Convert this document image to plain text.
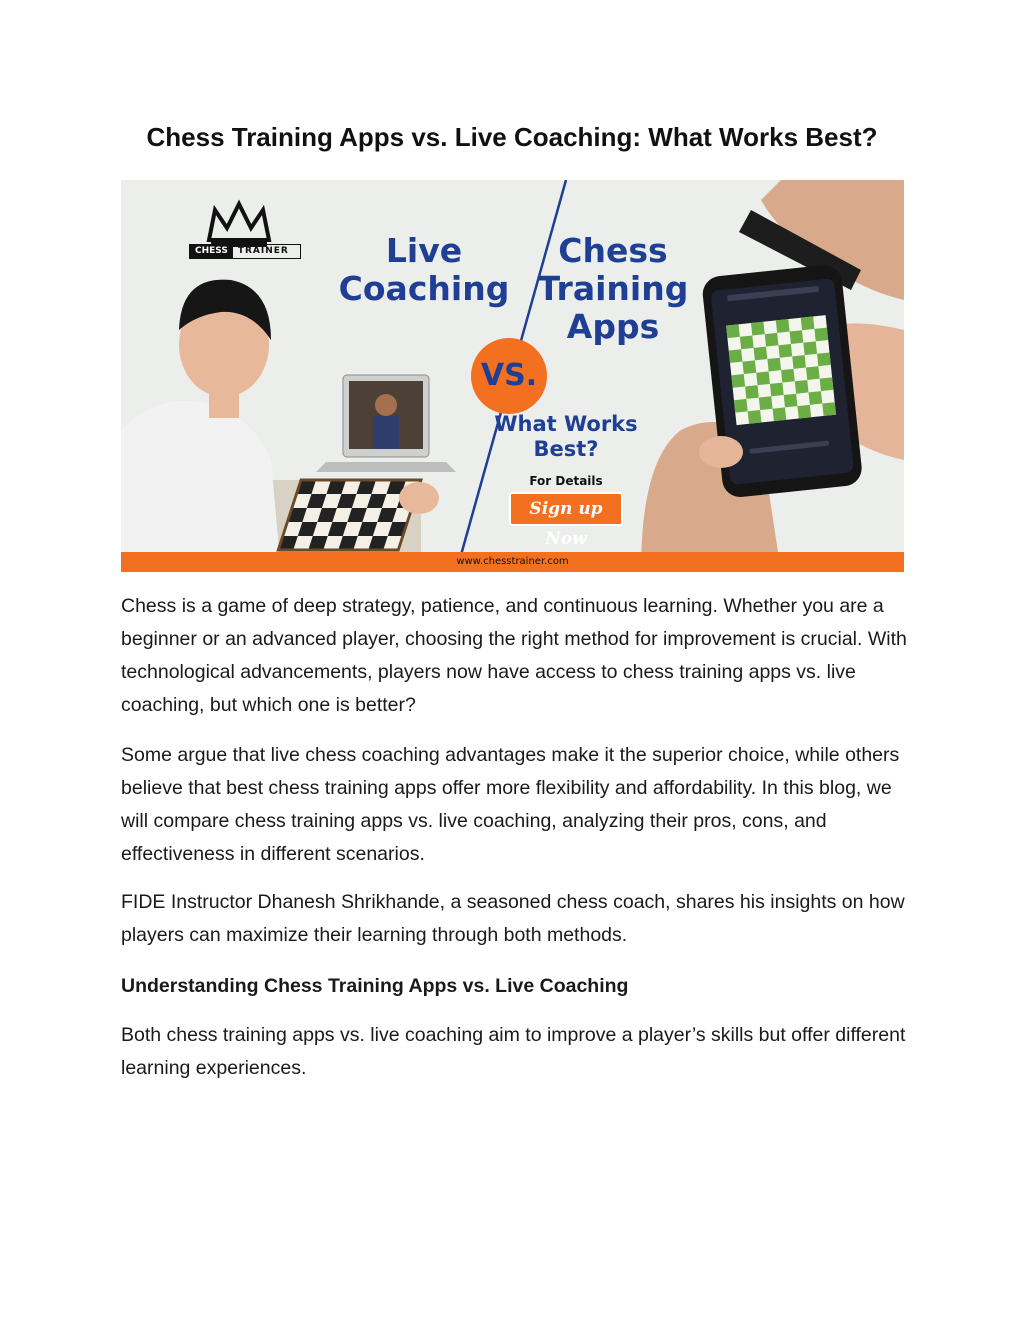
Chess Training Apps vs. Live Coaching: What Works Best?
CHESS	TRAINER	Live Coaching
Chess Training Apps
VS.
What Works Best?
For Details
Sign up Now
www.chesstrainer.com

Chess is a game of deep strategy, patience, and continuous learning. Whether you are a beginner or an advanced player, choosing the right method for improvement is crucial. With technological advancements, players now have access to chess training apps vs. live coaching, but which one is better?

Some argue that live chess coaching advantages make it the superior choice, while others believe that best chess training apps offer more flexibility and affordability. In this blog, we will compare chess training apps vs. live coaching, analyzing their pros, cons, and effectiveness in different scenarios.

FIDE Instructor Dhanesh Shrikhande, a seasoned chess coach, shares his insights on how players can maximize their learning through both methods.

Understanding Chess Training Apps vs. Live Coaching

Both chess training apps vs. live coaching aim to improve a player’s skills but offer different learning experiences.
